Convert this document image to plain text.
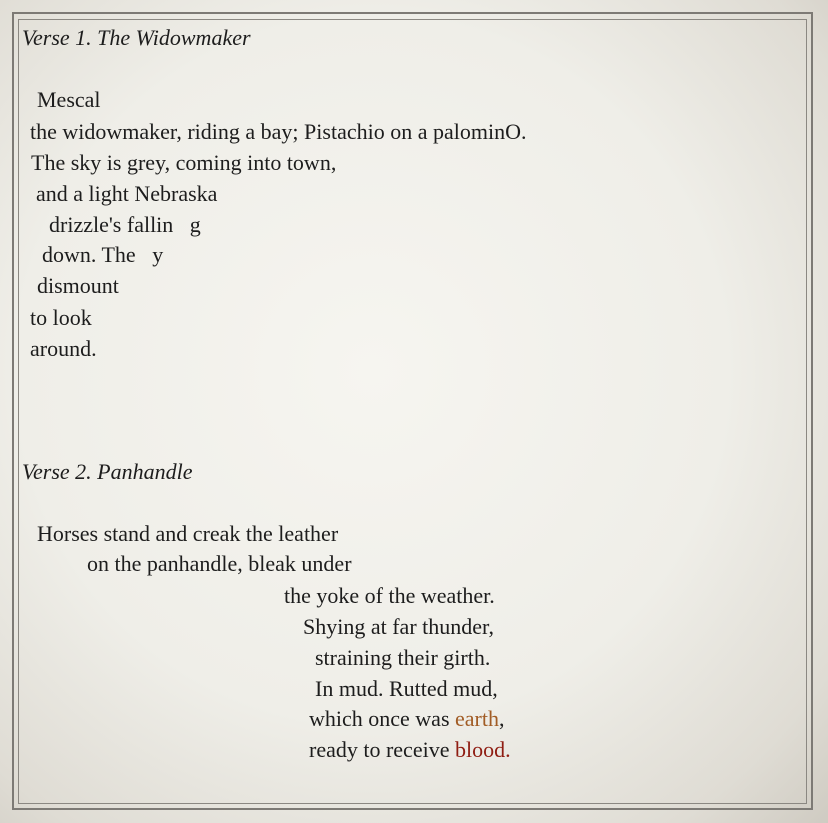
Verse 1. The Widowmaker
Mescal
the widowmaker, riding a bay; Pistachio on a palominO.
The sky is grey, coming into town,
and a light Nebraska
drizzle's fallin   g
down. The   y
dismount
to look
around.
Verse 2. Panhandle
Horses stand and creak the leather
on the panhandle, bleak under
the yoke of the weather.
Shying at far thunder,
straining their girth.
In mud. Rutted mud,
which once was earth,
ready to receive blood.
